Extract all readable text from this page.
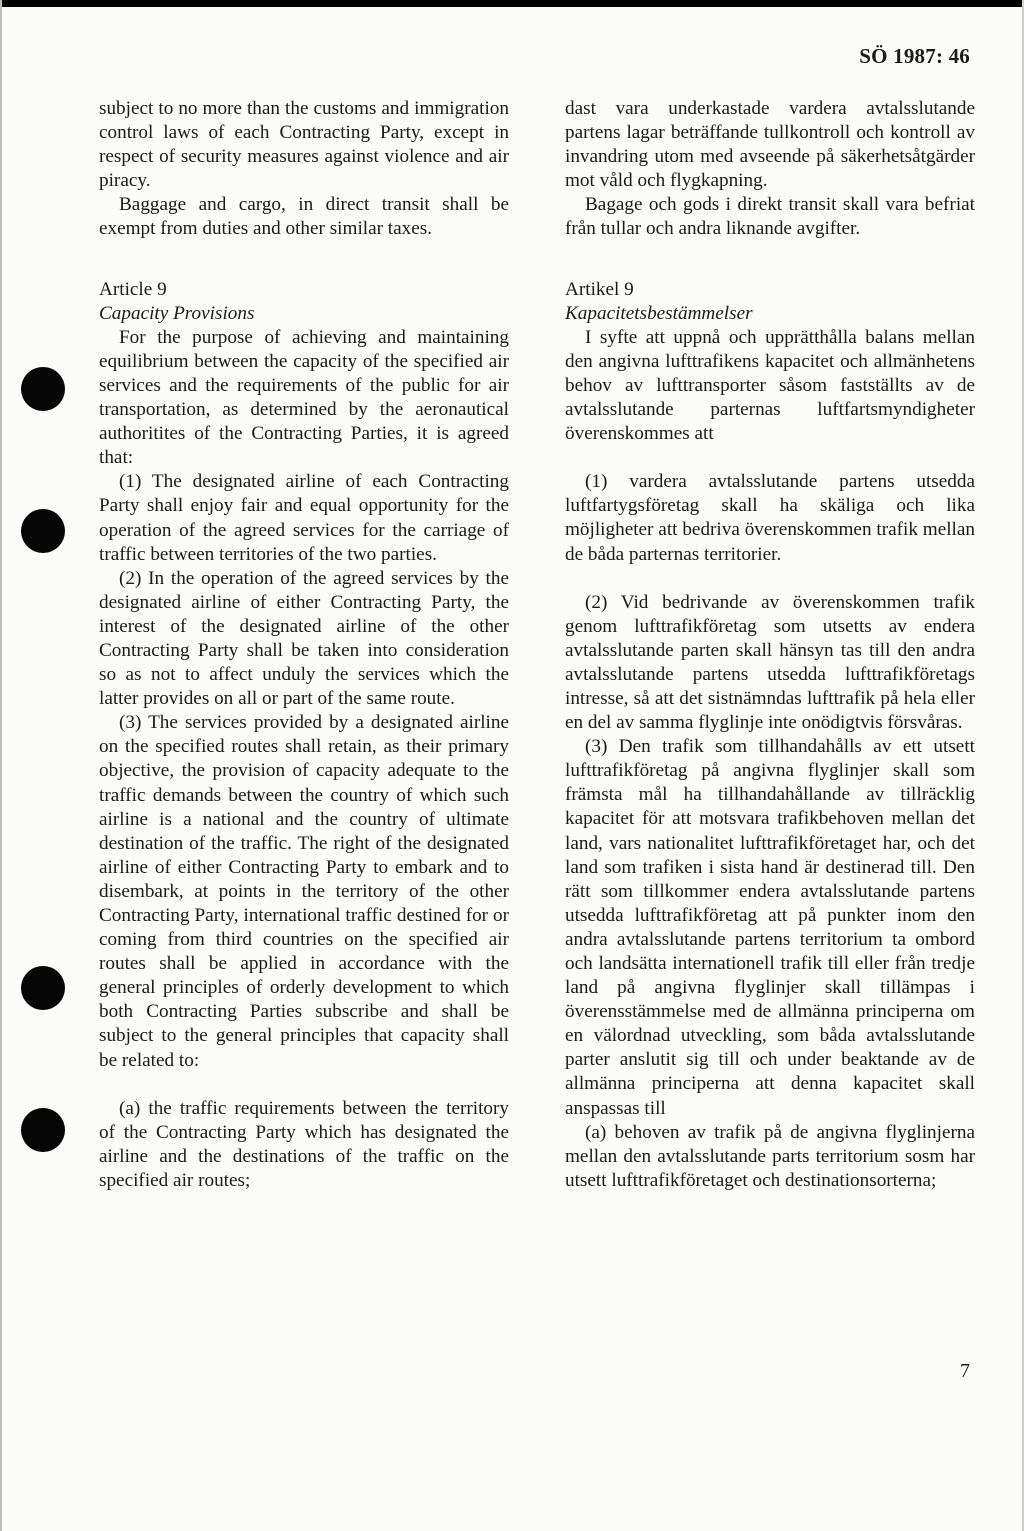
SÖ 1987: 46

subject to no more than the customs and immigration control laws of each Contracting Party, except in respect of security measures against violence and air piracy.

Baggage and cargo, in direct transit shall be exempt from duties and other similar taxes.

Article 9

Capacity Provisions

For the purpose of achieving and maintaining equilibrium between the capacity of the specified air services and the requirements of the public for air transportation, as determined by the aeronautical authoritites of the Contracting Parties, it is agreed that:

(1) The designated airline of each Contracting Party shall enjoy fair and equal opportunity for the operation of the agreed services for the carriage of traffic between territories of the two parties.

(2) In the operation of the agreed services by the designated airline of either Contracting Party, the interest of the designated airline of the other Contracting Party shall be taken into consideration so as not to affect unduly the services which the latter provides on all or part of the same route.

(3) The services provided by a designated airline on the specified routes shall retain, as their primary objective, the provision of capacity adequate to the traffic demands between the country of which such airline is a national and the country of ultimate destination of the traffic. The right of the designated airline of either Contracting Party to embark and to disembark, at points in the territory of the other Contracting Party, international traffic destined for or coming from third countries on the specified air routes shall be applied in accordance with the general principles of orderly development to which both Contracting Parties subscribe and shall be subject to the general principles that capacity shall be related to:

(a) the traffic requirements between the territory of the Contracting Party which has designated the airline and the destinations of the traffic on the specified air routes;

dast vara underkastade vardera avtalsslutande partens lagar beträffande tullkontroll och kontroll av invandring utom med avseende på säkerhetsåtgärder mot våld och flygkapning.

Bagage och gods i direkt transit skall vara befriat från tullar och andra liknande avgifter.

Artikel 9

Kapacitetsbestämmelser

I syfte att uppnå och upprätthålla balans mellan den angivna lufttrafikens kapacitet och allmänhetens behov av lufttransporter såsom fastställts av de avtalsslutande parternas luftfartsmyndigheter överenskommes att

(1) vardera avtalsslutande partens utsedda luftfartygsföretag skall ha skäliga och lika möjligheter att bedriva överenskommen trafik mellan de båda parternas territorier.

(2) Vid bedrivande av överenskommen trafik genom lufttrafikföretag som utsetts av endera avtalsslutande parten skall hänsyn tas till den andra avtalsslutande partens utsedda lufttrafikföretags intresse, så att det sistnämndas lufttrafik på hela eller en del av samma flyglinje inte onödigtvis försvåras.

(3) Den trafik som tillhandahålls av ett utsett lufttrafikföretag på angivna flyglinjer skall som främsta mål ha tillhandahållande av tillräcklig kapacitet för att motsvara trafikbehoven mellan det land, vars nationalitet lufttrafikföretaget har, och det land som trafiken i sista hand är destinerad till. Den rätt som tillkommer endera avtalsslutande partens utsedda lufttrafikföretag att på punkter inom den andra avtalsslutande partens territorium ta ombord och landsätta internationell trafik till eller från tredje land på angivna flyglinjer skall tillämpas i överensstämmelse med de allmänna principerna om en välordnad utveckling, som båda avtalsslutande parter anslutit sig till och under beaktande av de allmänna principerna att denna kapacitet skall anspassas till

(a) behoven av trafik på de angivna flyglinjerna mellan den avtalsslutande parts territorium sosm har utsett lufttrafikföretaget och destinationsorterna;

7
